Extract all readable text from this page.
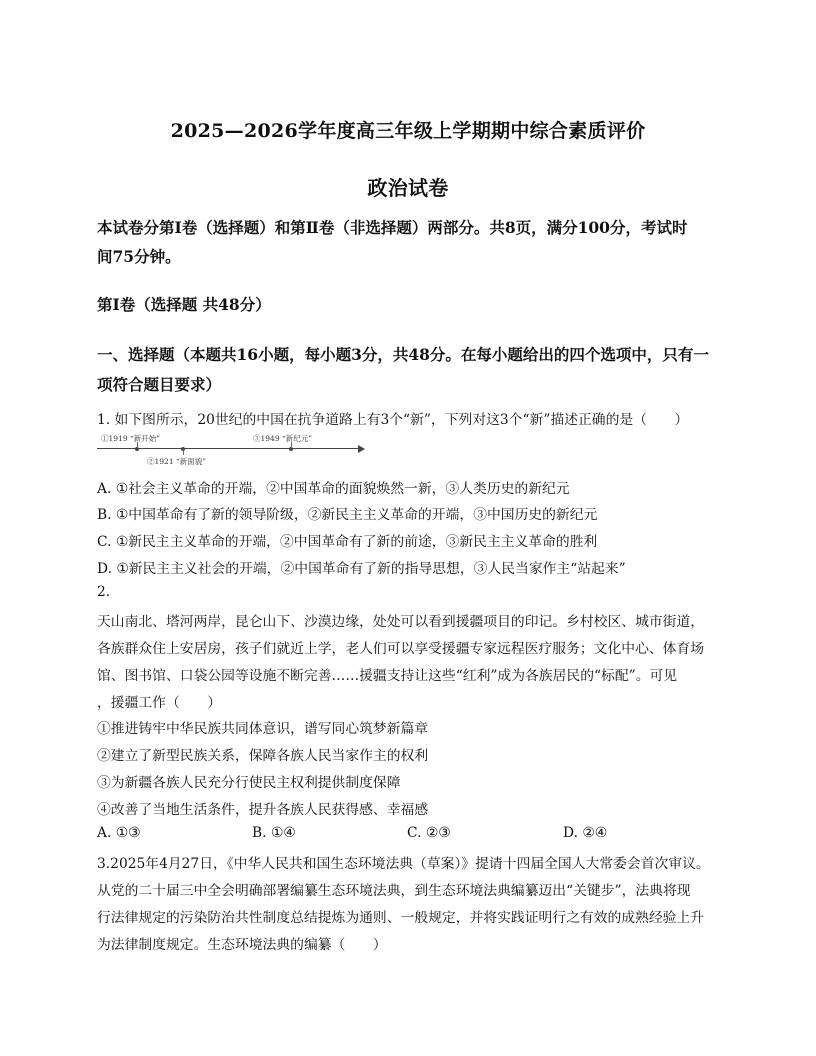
2025—2026学年度高三年级上学期期中综合素质评价
政治试卷
本试卷分第Ⅰ卷（选择题）和第Ⅱ卷（非选择题）两部分。共8页，满分100分，考试时
间75分钟。
第Ⅰ卷（选择题 共48分）
一、选择题（本题共16小题，每小题3分，共48分。在每小题给出的四个选项中，只有一
项符合题目要求）
1. 如下图所示，20世纪的中国在抗争道路上有3个“新”，下列对这3个“新”描述正确的是（　　）
①1919 “新开始”
②1921 “新面貌”
③1949 “新纪元”
A. ①社会主义革命的开端，②中国革命的面貌焕然一新，③人类历史的新纪元
B. ①中国革命有了新的领导阶级，②新民主主义革命的开端，③中国历史的新纪元
C. ①新民主主义革命的开端，②中国革命有了新的前途，③新民主主义革命的胜利
D. ①新民主主义社会的开端，②中国革命有了新的指导思想，③人民当家作主“站起来”
2.
天山南北、塔河两岸，昆仑山下、沙漠边缘，处处可以看到援疆项目的印记。乡村校区、城市街道，
各族群众住上安居房，孩子们就近上学，老人们可以享受援疆专家远程医疗服务；文化中心、体育场
馆、图书馆、口袋公园等设施不断完善……援疆支持让这些“红利”成为各族居民的“标配”。可见
，援疆工作（　　）
①推进铸牢中华民族共同体意识，谱写同心筑梦新篇章
②建立了新型民族关系，保障各族人民当家作主的权利
③为新疆各族人民充分行使民主权利提供制度保障
④改善了当地生活条件，提升各族人民获得感、幸福感
A. ①③	B. ①④	C. ②③	D. ②④
3.2025年4月27日，《中华人民共和国生态环境法典（草案）》提请十四届全国人大常委会首次审议。
从党的二十届三中全会明确部署编纂生态环境法典，到生态环境法典编纂迈出“关键步”，法典将现
行法律规定的污染防治共性制度总结提炼为通则、一般规定，并将实践证明行之有效的成熟经验上升
为法律制度规定。生态环境法典的编纂（　　）
